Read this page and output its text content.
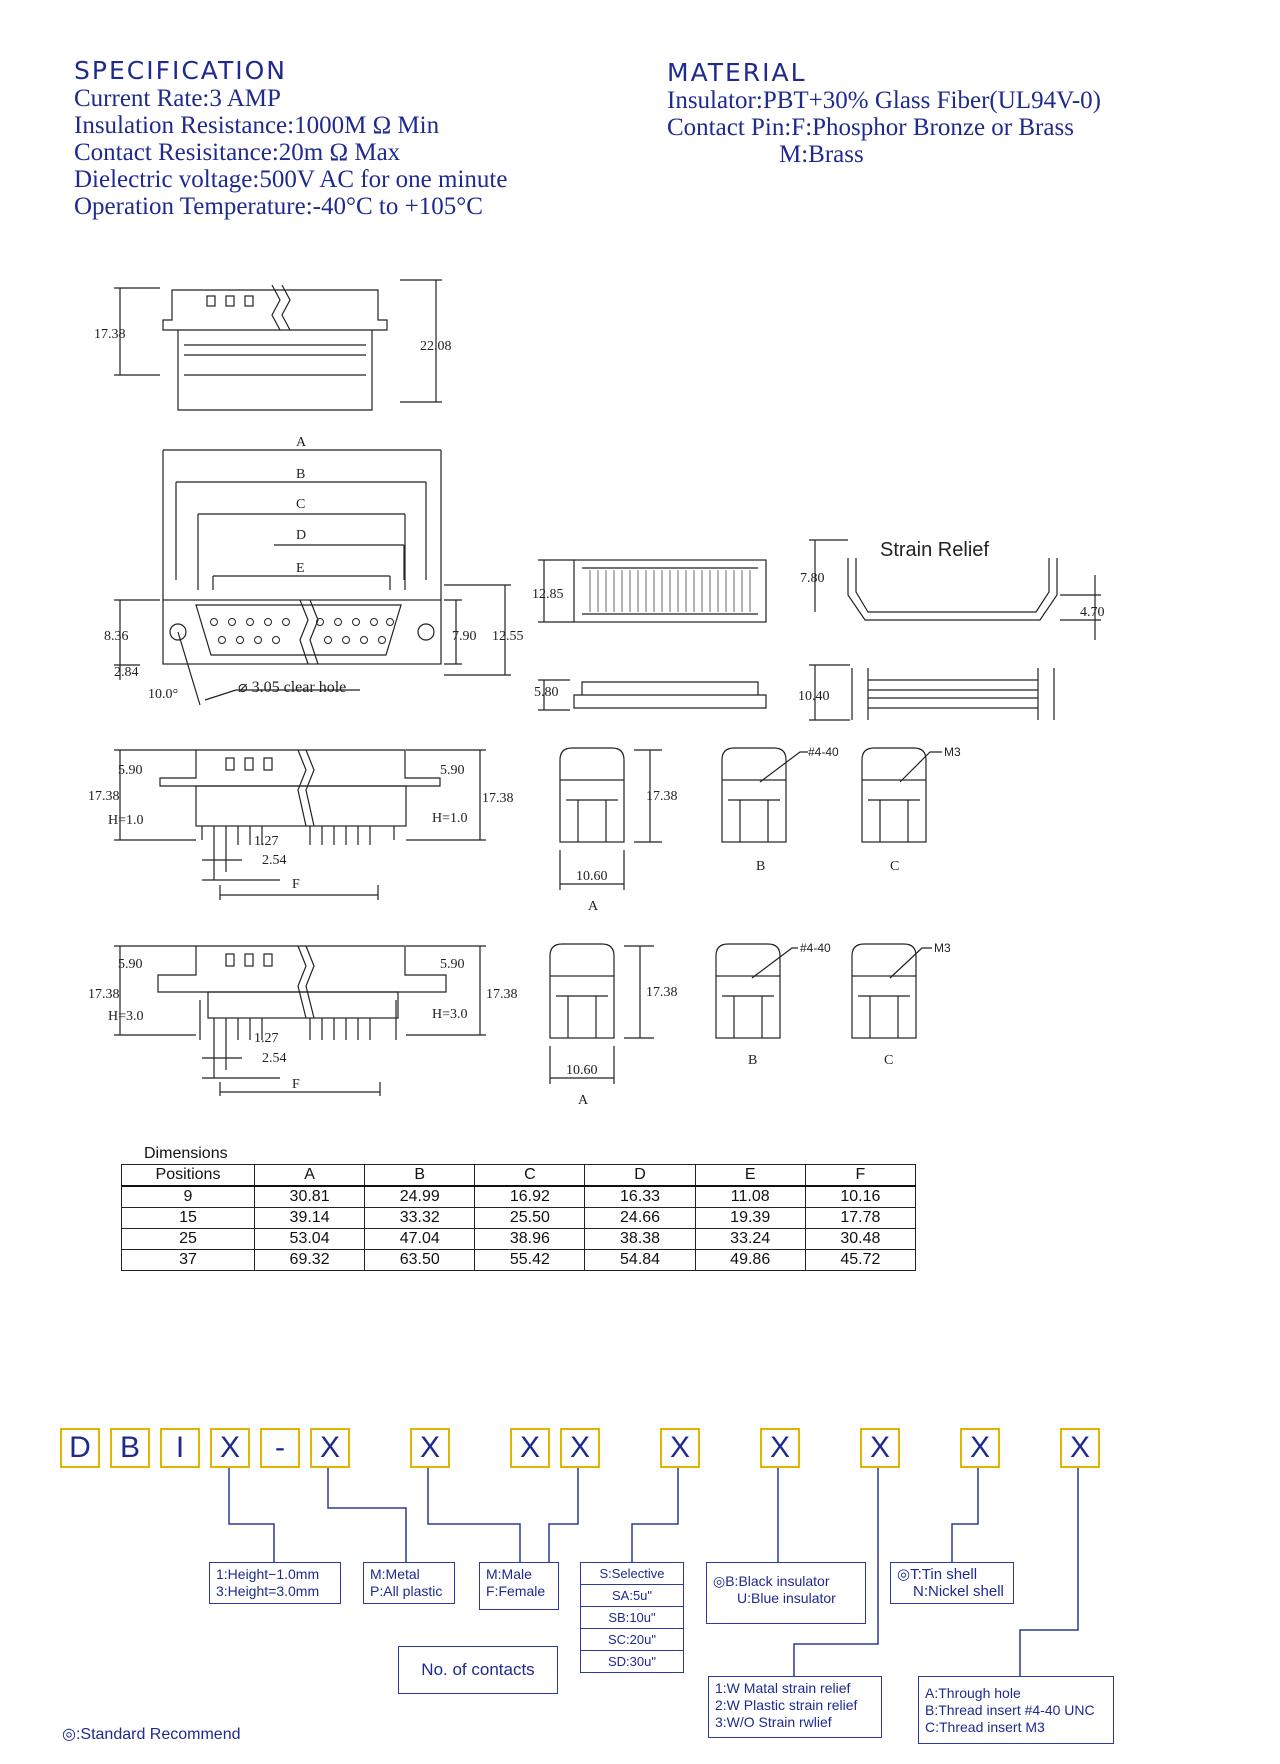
SPECIFICATION
Current Rate:3 AMP
Insulation Resistance:1000M Ω Min
Contact Resisitance:20m Ω Max
Dielectric voltage:500V AC for one minute
Operation Temperature:-40°C to +105°C
MATERIAL
Insulator:PBT+30% Glass Fiber(UL94V-0)
Contact Pin:F:Phosphor Bronze or Brass
M:Brass
17.38
22.08
A
B
C
D
E
8.36
2.84
7.90 12.55
10.0°	⌀ 3.05 clear hole
12.85
5.80
Strain Relief
7.80
4.70
10.40
5.90	5.90
17.38	17.38
H=1.0	H=1.0
1.27
2.54
F
5.90	5.90
17.38	17.38
H=3.0	H=3.0
1.27
2.54
F
17.38
10.60
A
B	C
#4-40	M3
17.38
10.60
A
B	C
#4-40	M3
Dimensions
Positions	A	B	C	D	E	F
9	30.81	24.99	16.92	16.33	11.08	10.16
15	39.14	33.32	25.50	24.66	19.39	17.78
25	53.04	47.04	38.96	38.38	33.24	30.48
37	69.32	63.50	55.42	54.84	49.86	45.72
D B	I	X	-	X	X	X X	X	X	X	X	X
1:Height−1.0mm
3:Height=3.0mm
M:Metal
P:All plastic
M:Male
F:Female
No. of contacts
S:Selective
SA:5u"
SB:10u"
SC:20u"
SD:30u"
◎B:Black insulator
U:Blue insulator
◎T:Tin shell
N:Nickel shell
1:W Matal strain relief
2:W Plastic strain relief
3:W/O Strain rwlief
A:Through hole
B:Thread insert #4-40 UNC
C:Thread insert M3
◎:Standard Recommend
